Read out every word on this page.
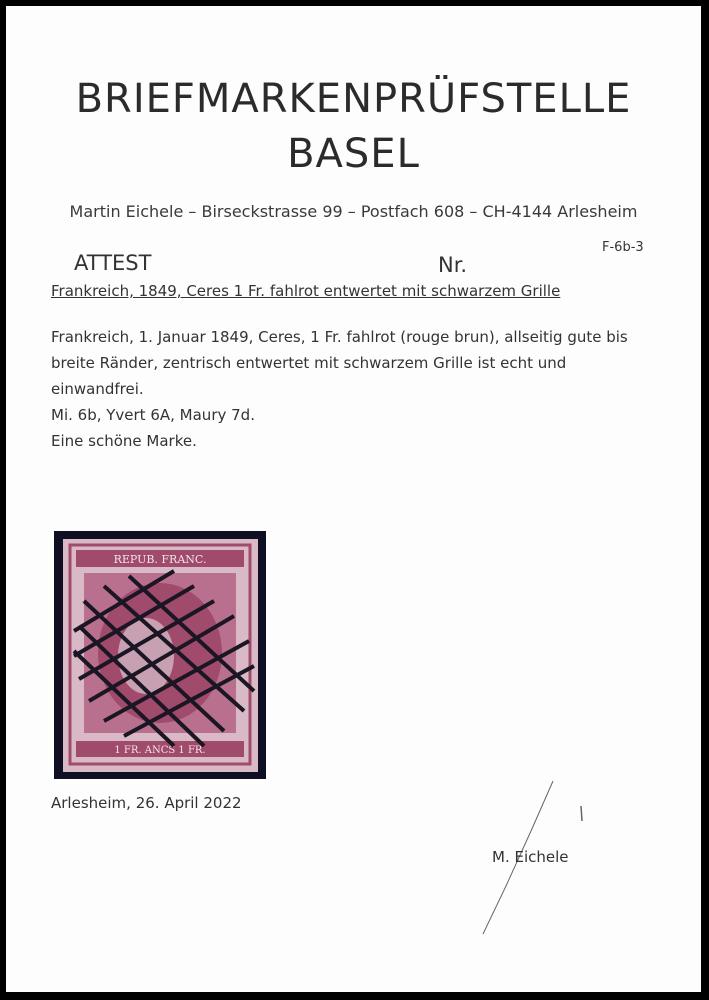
BRIEFMARKENPRÜFSTELLE
BASEL
Martin Eichele – Birseckstrasse 99 – Postfach 608 – CH-4144 Arlesheim
ATTEST	Nr.
F-6b-3
Frankreich, 1849, Ceres 1 Fr. fahlrot entwertet mit schwarzem Grille
Frankreich, 1. Januar 1849, Ceres, 1 Fr. fahlrot (rouge brun), allseitig gute bis
breite Ränder, zentrisch entwertet mit schwarzem Grille ist echt und
einwandfrei.
Mi. 6b, Yvert 6A, Maury 7d.
Eine schöne Marke.
REPUB. FRANC.
1 FR. ANCS 1 FR.
Arlesheim, 26. April 2022
M. Eichele
